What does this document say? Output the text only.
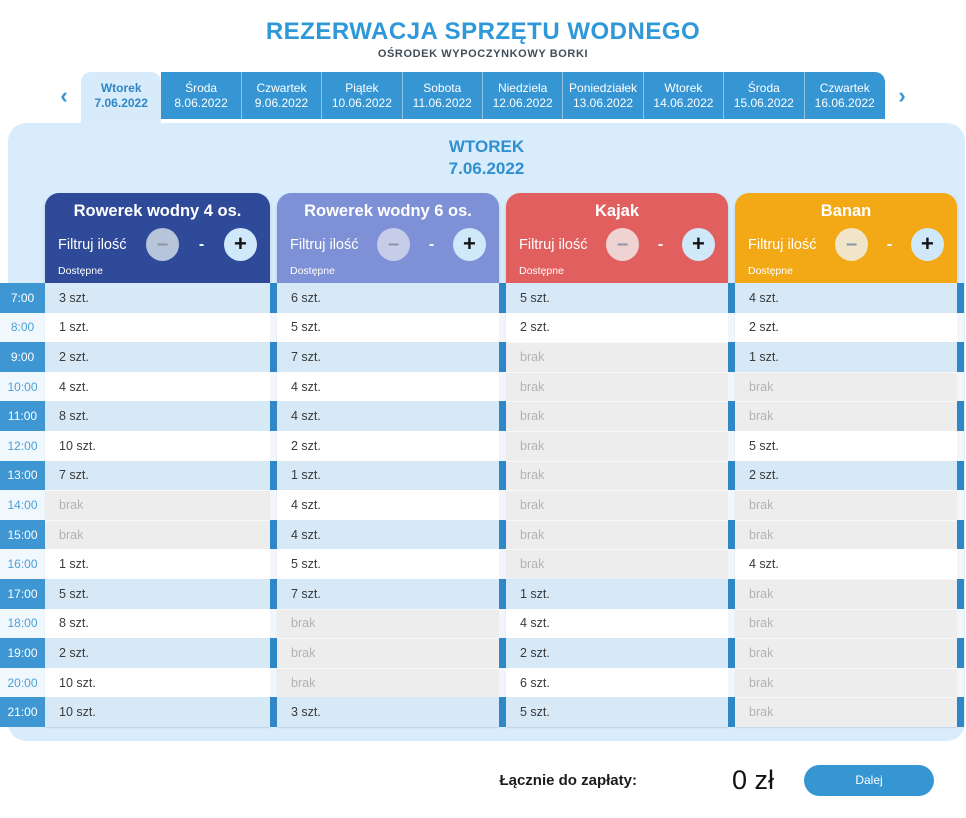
REZERWACJA SPRZĘTU WODNEGO
OŚRODEK WYPOCZYNKOWY BORKI
‹	Wtorek
7.06.2022
Środa
8.06.2022
Czwartek
9.06.2022
Piątek
10.06.2022
Sobota
11.06.2022
Niedziela
12.06.2022
Poniedziałek
13.06.2022
Wtorek
14.06.2022
Środa
15.06.2022
Czwartek
16.06.2022	›
WTOREK
7.06.2022
Rowerek wodny 4 os.
Filtruj ilość	–	-	+
Dostępne
Rowerek wodny 6 os.
Filtruj ilość	–	-	+
Dostępne
Kajak
Filtruj ilość	–	-	+
Dostępne
Banan
Filtruj ilość	–	-	+
Dostępne
7:00	3 szt.	6 szt.	5 szt.	4 szt.
8:00	1 szt.	5 szt.	2 szt.	2 szt.
9:00	2 szt.	7 szt.	brak	1 szt.
10:00	4 szt.	4 szt.	brak	brak
11:00	8 szt.	4 szt.	brak	brak
12:00	10 szt.	2 szt.	brak	5 szt.
13:00	7 szt.	1 szt.	brak	2 szt.
14:00	brak	4 szt.	brak	brak
15:00	brak	4 szt.	brak	brak
16:00	1 szt.	5 szt.	brak	4 szt.
17:00	5 szt.	7 szt.	1 szt.	brak
18:00	8 szt.	brak	4 szt.	brak
19:00	2 szt.	brak	2 szt.	brak
20:00	10 szt.	brak	6 szt.	brak
21:00	10 szt.	3 szt.	5 szt.	brak
Łącznie do zapłaty:	0 zł	Dalej
